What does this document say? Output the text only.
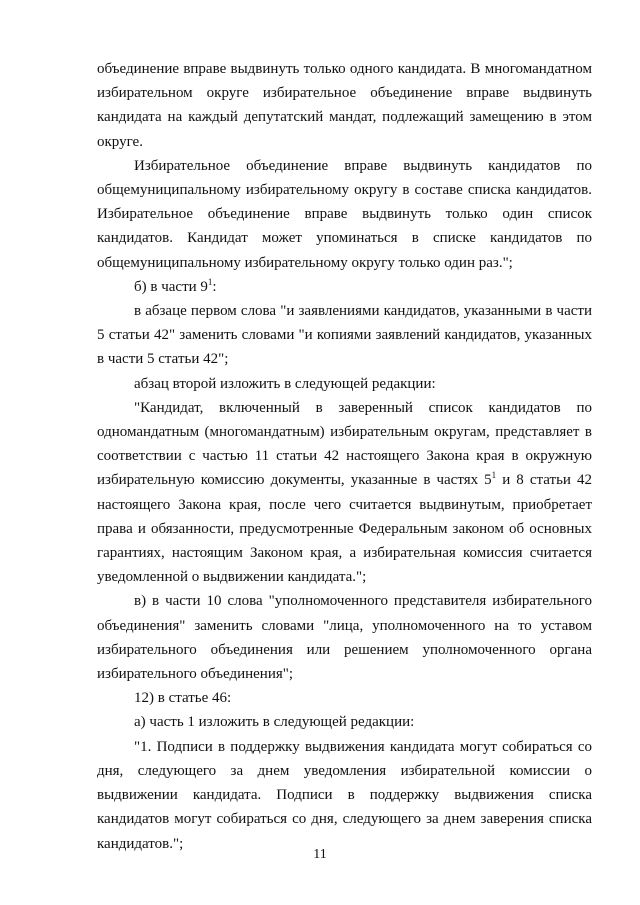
объединение вправе выдвинуть только одного кандидата. В многомандатном избирательном округе избирательное объединение вправе выдвинуть кандидата на каждый депутатский мандат, подлежащий замещению в этом округе.

Избирательное объединение вправе выдвинуть кандидатов по общемуниципальному избирательному округу в составе списка кандидатов. Избирательное объединение вправе выдвинуть только один список кандидатов. Кандидат может упоминаться в списке кандидатов по общемуниципальному избирательному округу только один раз.";

б) в части $9^1$:

в абзаце первом слова "и заявлениями кандидатов, указанными в части 5 статьи 42" заменить словами "и копиями заявлений кандидатов, указанных в части 5 статьи 42";

абзац второй изложить в следующей редакции:

"Кандидат, включенный в заверенный список кандидатов по одномандатным (многомандатным) избирательным округам, представляет в соответствии с частью 11 статьи 42 настоящего Закона края в окружную избирательную комиссию документы, указанные в частях $5^1$ и 8 статьи 42 настоящего Закона края, после чего считается выдвинутым, приобретает права и обязанности, предусмотренные Федеральным законом об основных гарантиях, настоящим Законом края, а избирательная комиссия считается уведомленной о выдвижении кандидата.";

в) в части 10 слова "уполномоченного представителя избирательного объединения" заменить словами "лица, уполномоченного на то уставом избирательного объединения или решением уполномоченного органа избирательного объединения";

12) в статье 46:

а) часть 1 изложить в следующей редакции:

"1. Подписи в поддержку выдвижения кандидата могут собираться со дня, следующего за днем уведомления избирательной комиссии о выдвижении кандидата. Подписи в поддержку выдвижения списка кандидатов могут собираться со дня, следующего за днем заверения списка кандидатов.";

11
